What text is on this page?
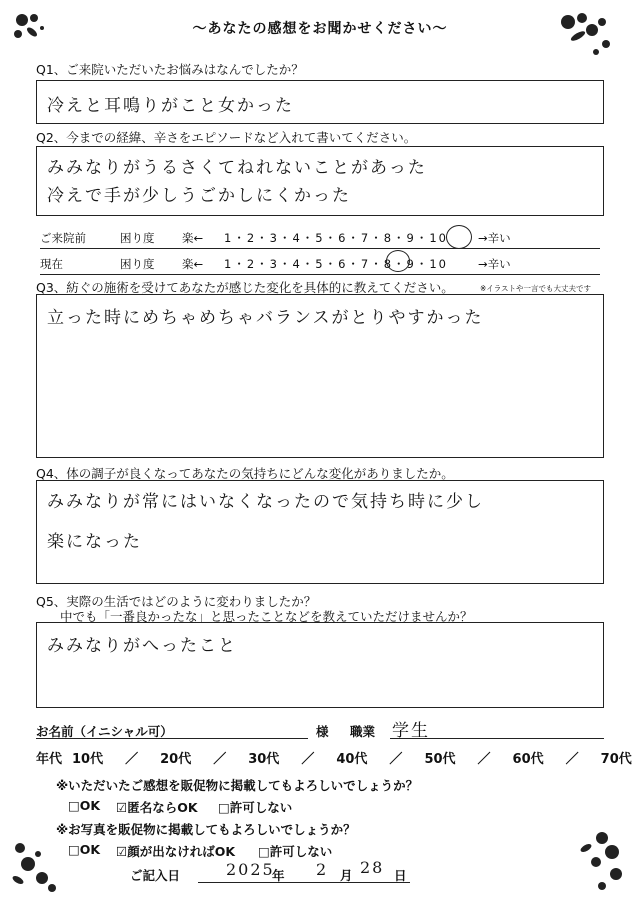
〜あなたの感想をお聞かせください〜
Q1、ご来院いただいたお悩みはなんでしたか？
冷えと耳鳴りがこと女かった
Q2、今までの経緯、辛さをエピソードなど入れて書いてください。
みみなりがうるさくてねれないことがあった
冷えで手が少しうごかしにくかった
ご来院前	困り度 楽← 1・2・3・4・5・6・7・8・9・10	→辛い
現在	困り度 楽← 1・2・3・4・5・6・7・8・9・10	→辛い
Q3、紡ぐの施術を受けてあなたが感じた変化を具体的に教えてください。	※イラストや一言でも大丈夫です
立った時にめちゃめちゃバランスがとりやすかった
Q4、体の調子が良くなってあなたの気持ちにどんな変化がありましたか。
みみなりが常にはいなくなったので気持ち時に少し
楽になった
Q5、実際の生活ではどのように変わりましたか？
中でも「一番良かったな」と思ったことなどを教えていただけませんか？
みみなりがへったこと
お名前（イニシャル可）	様 職業 学生
年代 10代 ／ 20代 ／ 30代 ／ 40代 ／ 50代 ／ 60代 ／ 70代
※いただいたご感想を販促物に掲載してもよろしいでしょうか？
□OK ☑匿名ならOK □許可しない
※お写真を販促物に掲載してもよろしいでしょうか？
□OK ☑顔が出なければOK □許可しない
ご記入日	2025
年 2 月 28 日
